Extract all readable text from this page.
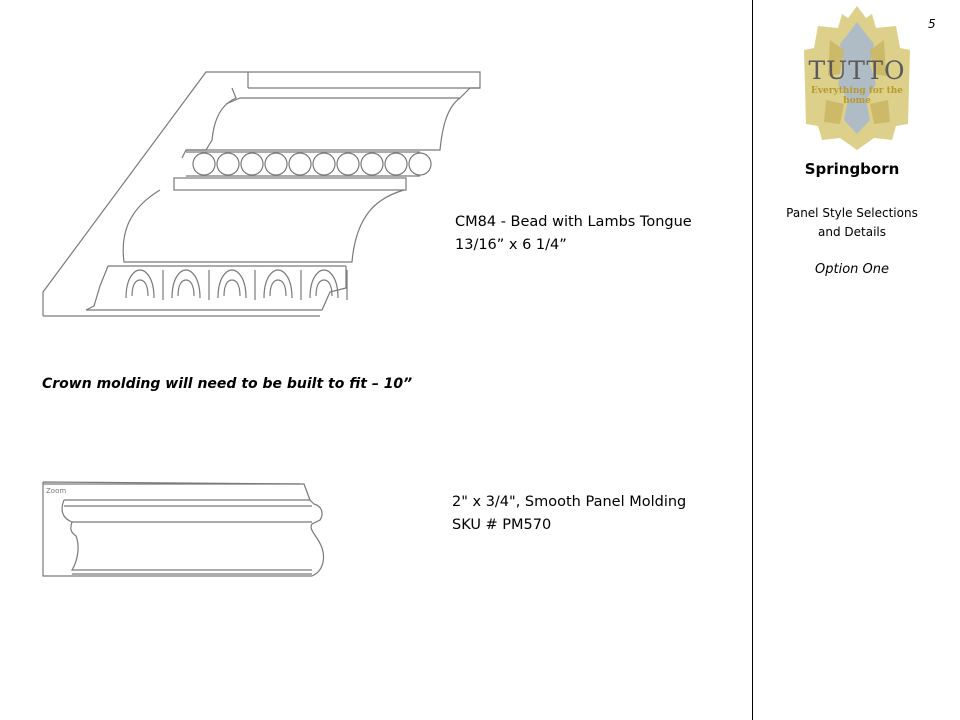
5
TUTTO
Everything for the home
Springborn
Panel Style Selections
and Details
Option One
Zoom
CM84 - Bead with Lambs Tongue
13/16” x 6 1/4”
Crown molding will need to be built to fit – 10”
2" x 3/4", Smooth Panel Molding
SKU # PM570
